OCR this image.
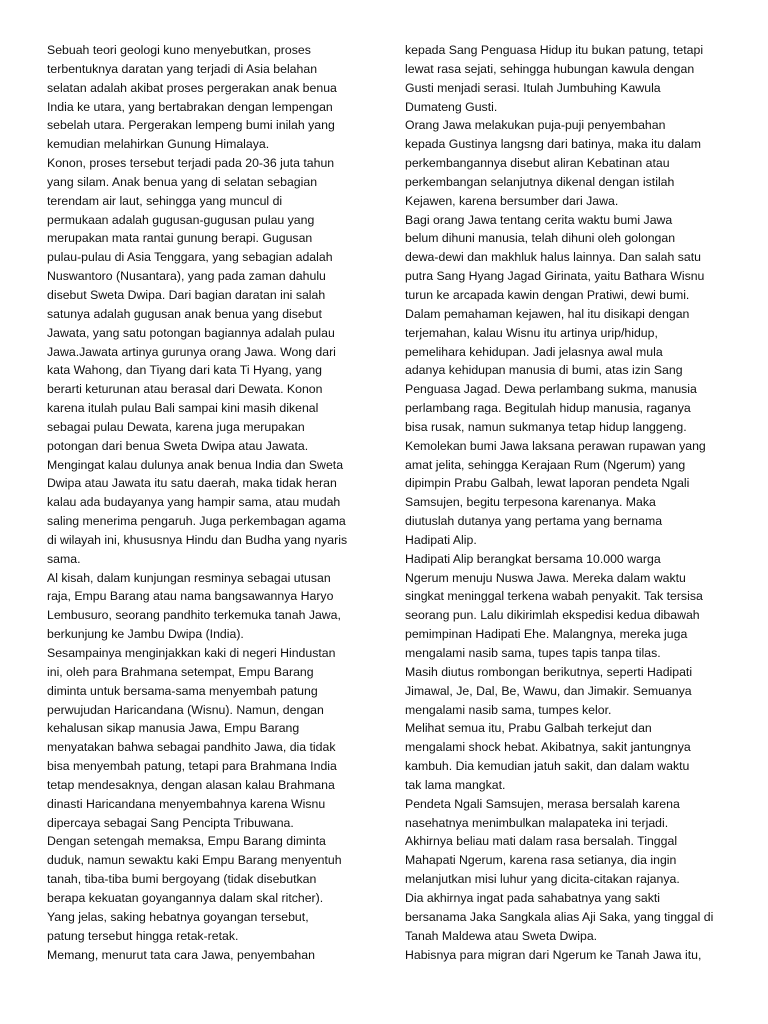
Sebuah teori geologi kuno menyebutkan, proses
terbentuknya daratan yang terjadi di Asia belahan
selatan adalah akibat proses pergerakan anak benua
India ke utara, yang bertabrakan dengan lempengan
sebelah utara. Pergerakan lempeng bumi inilah yang
kemudian melahirkan Gunung Himalaya.
Konon, proses tersebut terjadi pada 20-36 juta tahun
yang silam. Anak benua yang di selatan sebagian
terendam air laut, sehingga yang muncul di
permukaan adalah gugusan-gugusan pulau yang
merupakan mata rantai gunung berapi. Gugusan
pulau-pulau di Asia Tenggara, yang sebagian adalah
Nuswantoro (Nusantara), yang pada zaman dahulu
disebut Sweta Dwipa. Dari bagian daratan ini salah
satunya adalah gugusan anak benua yang disebut
Jawata, yang satu potongan bagiannya adalah pulau
Jawa.Jawata artinya gurunya orang Jawa. Wong dari
kata Wahong, dan Tiyang dari kata Ti Hyang, yang
berarti keturunan atau berasal dari Dewata. Konon
karena itulah pulau Bali sampai kini masih dikenal
sebagai pulau Dewata, karena juga merupakan
potongan dari benua Sweta Dwipa atau Jawata.
Mengingat kalau dulunya anak benua India dan Sweta
Dwipa atau Jawata itu satu daerah, maka tidak heran
kalau ada budayanya yang hampir sama, atau mudah
saling menerima pengaruh. Juga perkembagan agama
di wilayah ini, khususnya Hindu dan Budha yang nyaris
sama.
Al kisah, dalam kunjungan resminya sebagai utusan
raja, Empu Barang atau nama bangsawannya Haryo
Lembusuro, seorang pandhito terkemuka tanah Jawa,
berkunjung ke Jambu Dwipa (India).
Sesampainya menginjakkan kaki di negeri Hindustan
ini, oleh para Brahmana setempat, Empu Barang
diminta untuk bersama-sama menyembah patung
perwujudan Haricandana (Wisnu). Namun, dengan
kehalusan sikap manusia Jawa, Empu Barang
menyatakan bahwa sebagai pandhito Jawa, dia tidak
bisa menyembah patung, tetapi para Brahmana India
tetap mendesaknya, dengan alasan kalau Brahmana
dinasti Haricandana menyembahnya karena Wisnu
dipercaya sebagai Sang Pencipta Tribuwana.
Dengan setengah memaksa, Empu Barang diminta
duduk, namun sewaktu kaki Empu Barang menyentuh
tanah, tiba-tiba bumi bergoyang (tidak disebutkan
berapa kekuatan goyangannya dalam skal ritcher).
Yang jelas, saking hebatnya goyangan tersebut,
patung tersebut hingga retak-retak.
Memang, menurut tata cara Jawa, penyembahan
kepada Sang Penguasa Hidup itu bukan patung, tetapi
lewat rasa sejati, sehingga hubungan kawula dengan
Gusti menjadi serasi. Itulah Jumbuhing Kawula
Dumateng Gusti.
Orang Jawa melakukan puja-puji penyembahan
kepada Gustinya langsng dari batinya, maka itu dalam
perkembangannya disebut aliran Kebatinan atau
perkembangan selanjutnya dikenal dengan istilah
Kejawen, karena bersumber dari Jawa.
Bagi orang Jawa tentang cerita waktu bumi Jawa
belum dihuni manusia, telah dihuni oleh golongan
dewa-dewi dan makhluk halus lainnya. Dan salah satu
putra Sang Hyang Jagad Girinata, yaitu Bathara Wisnu
turun ke arcapada kawin dengan Pratiwi, dewi bumi.
Dalam pemahaman kejawen, hal itu disikapi dengan
terjemahan, kalau Wisnu itu artinya urip/hidup,
pemelihara kehidupan. Jadi jelasnya awal mula
adanya kehidupan manusia di bumi, atas izin Sang
Penguasa Jagad. Dewa perlambang sukma, manusia
perlambang raga. Begitulah hidup manusia, raganya
bisa rusak, namun sukmanya tetap hidup langgeng.
Kemolekan bumi Jawa laksana perawan rupawan yang
amat jelita, sehingga Kerajaan Rum (Ngerum) yang
dipimpin Prabu Galbah, lewat laporan pendeta Ngali
Samsujen, begitu terpesona karenanya. Maka
diutuslah dutanya yang pertama yang bernama
Hadipati Alip.
Hadipati Alip berangkat bersama 10.000 warga
Ngerum menuju Nuswa Jawa. Mereka dalam waktu
singkat meninggal terkena wabah penyakit. Tak tersisa
seorang pun. Lalu dikirimlah ekspedisi kedua dibawah
pemimpinan Hadipati Ehe. Malangnya, mereka juga
mengalami nasib sama, tupes tapis tanpa tilas.
Masih diutus rombongan berikutnya, seperti Hadipati
Jimawal, Je, Dal, Be, Wawu, dan Jimakir. Semuanya
mengalami nasib sama, tumpes kelor.
Melihat semua itu, Prabu Galbah terkejut dan
mengalami shock hebat. Akibatnya, sakit jantungnya
kambuh. Dia kemudian jatuh sakit, dan dalam waktu
tak lama mangkat.
Pendeta Ngali Samsujen, merasa bersalah karena
nasehatnya menimbulkan malapateka ini terjadi.
Akhirnya beliau mati dalam rasa bersalah. Tinggal
Mahapati Ngerum, karena rasa setianya, dia ingin
melanjutkan misi luhur yang dicita-citakan rajanya.
Dia akhirnya ingat pada sahabatnya yang sakti
bersanama Jaka Sangkala alias Aji Saka, yang tinggal di
Tanah Maldewa atau Sweta Dwipa.
Habisnya para migran dari Ngerum ke Tanah Jawa itu,
